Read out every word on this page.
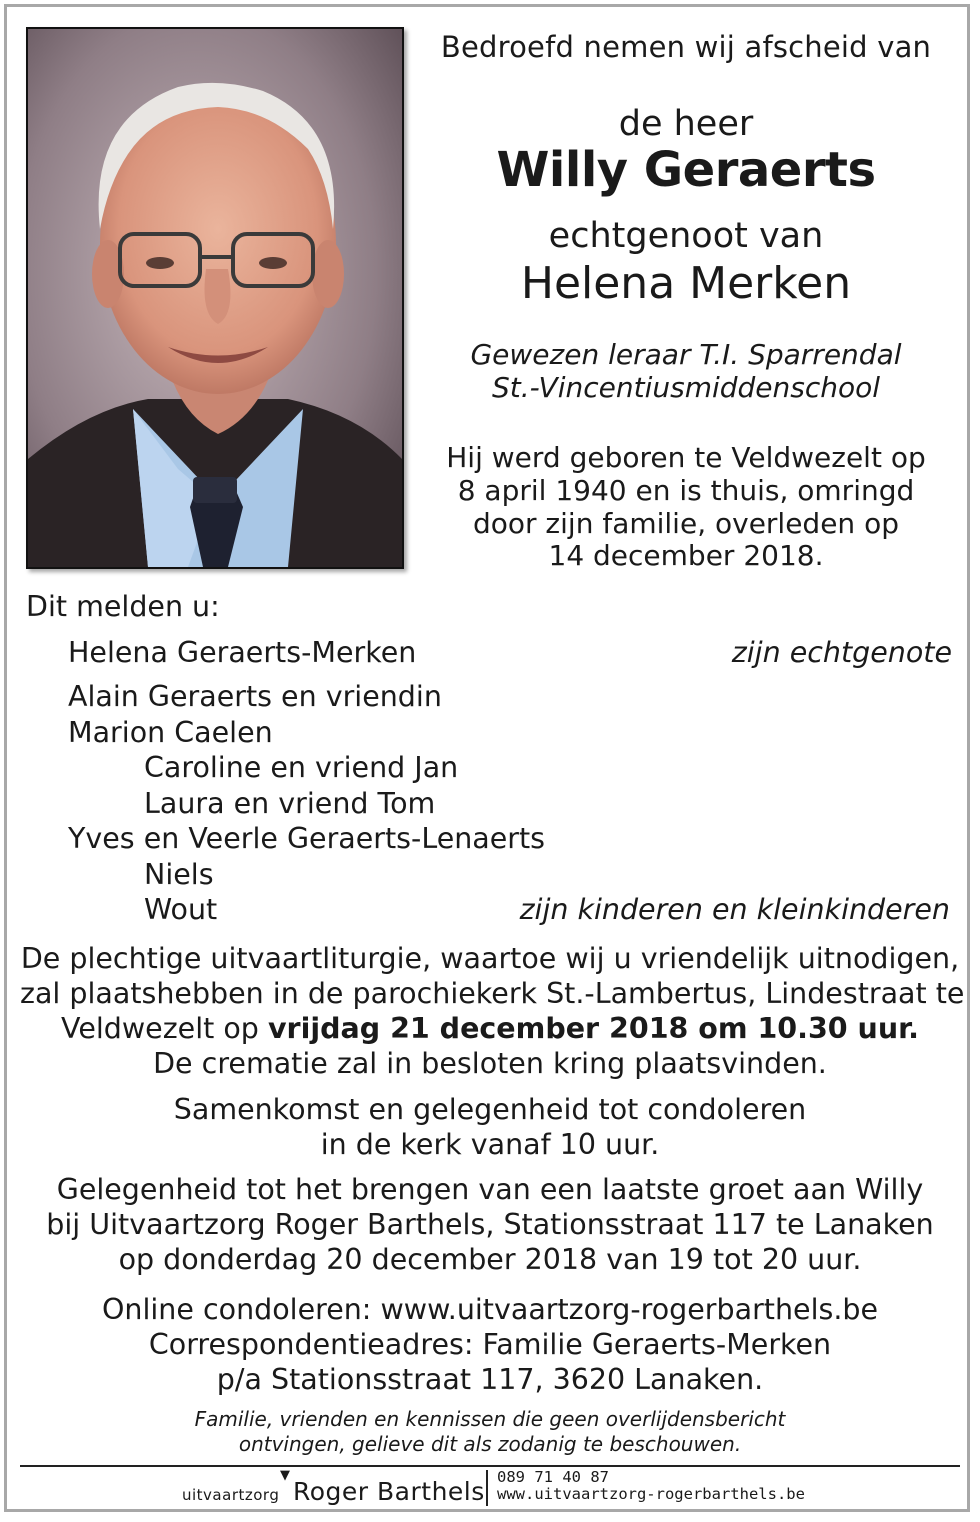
Bedroefd nemen wij afscheid van
de heer
Willy Geraerts
echtgenoot van
Helena Merken
Gewezen leraar T.I. Sparrendal
St.-Vincentiusmiddenschool
Hij werd geboren te Veldwezelt op
8 april 1940 en is thuis, omringd
door zijn familie, overleden op
14 december 2018.
Dit melden u:
Helena Geraerts-Merken	zijn echtgenote
Alain Geraerts en vriendin
Marion Caelen
Caroline en vriend Jan
Laura en vriend Tom
Yves en Veerle Geraerts-Lenaerts
Niels
Wout	zijn kinderen en kleinkinderen
De plechtige uitvaartliturgie, waartoe wij u vriendelijk uitnodigen,
zal plaatshebben in de parochiekerk St.-Lambertus, Lindestraat te
Veldwezelt op vrijdag 21 december 2018 om 10.30 uur.
De crematie zal in besloten kring plaatsvinden.
Samenkomst en gelegenheid tot condoleren
in de kerk vanaf 10 uur.
Gelegenheid tot het brengen van een laatste groet aan Willy
bij Uitvaartzorg Roger Barthels, Stationsstraat 117 te Lanaken
op donderdag 20 december 2018 van 19 tot 20 uur.
Online condoleren: www.uitvaartzorg-rogerbarthels.be
Correspondentieadres: Familie Geraerts-Merken
p/a Stationsstraat 117, 3620 Lanaken.
Familie, vrienden en kennissen die geen overlijdensbericht
ontvingen, gelieve dit als zodanig te beschouwen.
uitvaartzorg
▼
Roger Barthels 089 71 40 87
www.uitvaartzorg-rogerbarthels.be
